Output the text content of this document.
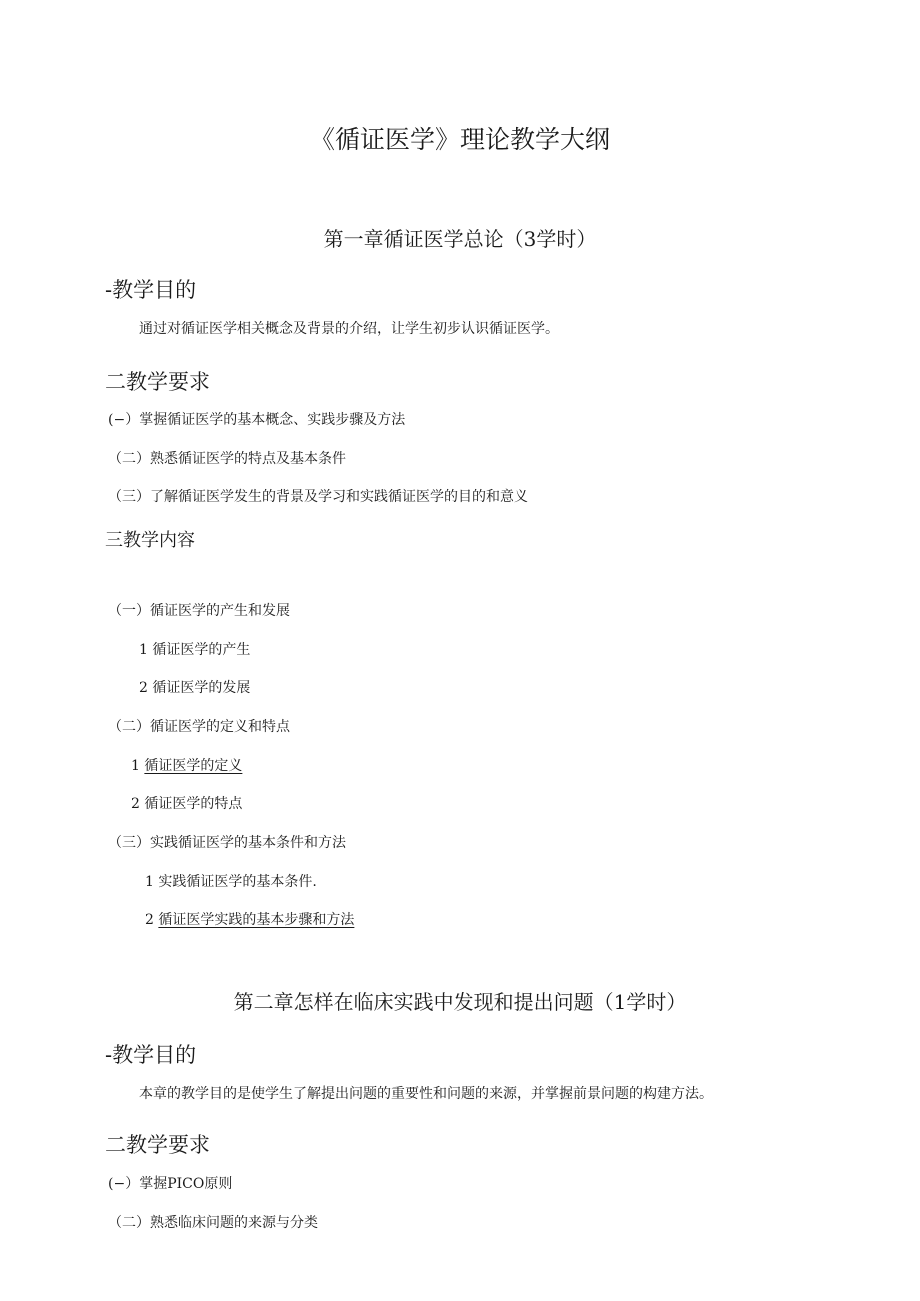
《循证医学》理论教学大纲
第一章循证医学总论（3学时）
-教学目的

通过对循证医学相关概念及背景的介绍，让学生初步认识循证医学。

二教学要求
(−）掌握循证医学的基本概念、实践步骤及方法
（二）熟悉循证医学的特点及基本条件
（三）了解循证医学发生的背景及学习和实践循证医学的目的和意义
三教学内容
（一）循证医学的产生和发展
1 循证医学的产生
2 循证医学的发展
（二）循证医学的定义和特点
1 循证医学的定义
2 循证医学的特点
（三）实践循证医学的基本条件和方法
1 实践循证医学的基本条件.
2 循证医学实践的基本步骤和方法
第二章怎样在临床实践中发现和提出问题（1学时）
-教学目的

本章的教学目的是使学生了解提出问题的重要性和问题的来源，并掌握前景问题的构建方法。

二教学要求
(−）掌握PICO原则
（二）熟悉临床问题的来源与分类
